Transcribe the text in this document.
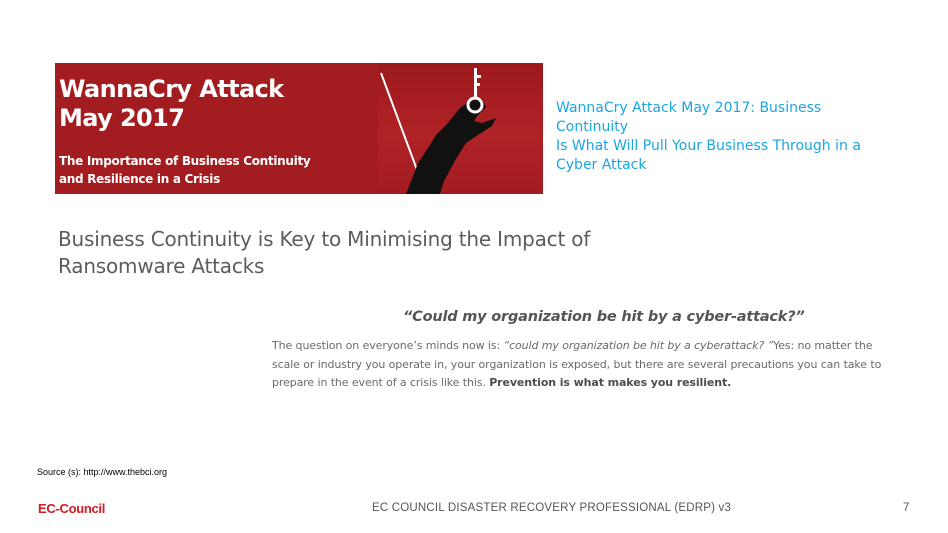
WannaCry Attack
May 2017
The Importance of Business Continuity
and Resilience in a Crisis
WannaCry Attack May 2017: Business Continuity
Is What Will Pull Your Business Through in a
Cyber Attack
Business Continuity is Key to Minimising the Impact of
Ransomware Attacks
“Could my organization be hit by a cyber-attack?”

The question on everyone’s minds now is: “could my organization be hit by a cyberattack? ”Yes: no matter the scale or industry you operate in, your organization is exposed, but there are several precautions you can take to prepare in the event of a crisis like this. Prevention is what makes you resilient.

Source (s): http://www.thebci.org
EC-Council	EC COUNCIL DISASTER RECOVERY PROFESSIONAL (EDRP) v3	7
